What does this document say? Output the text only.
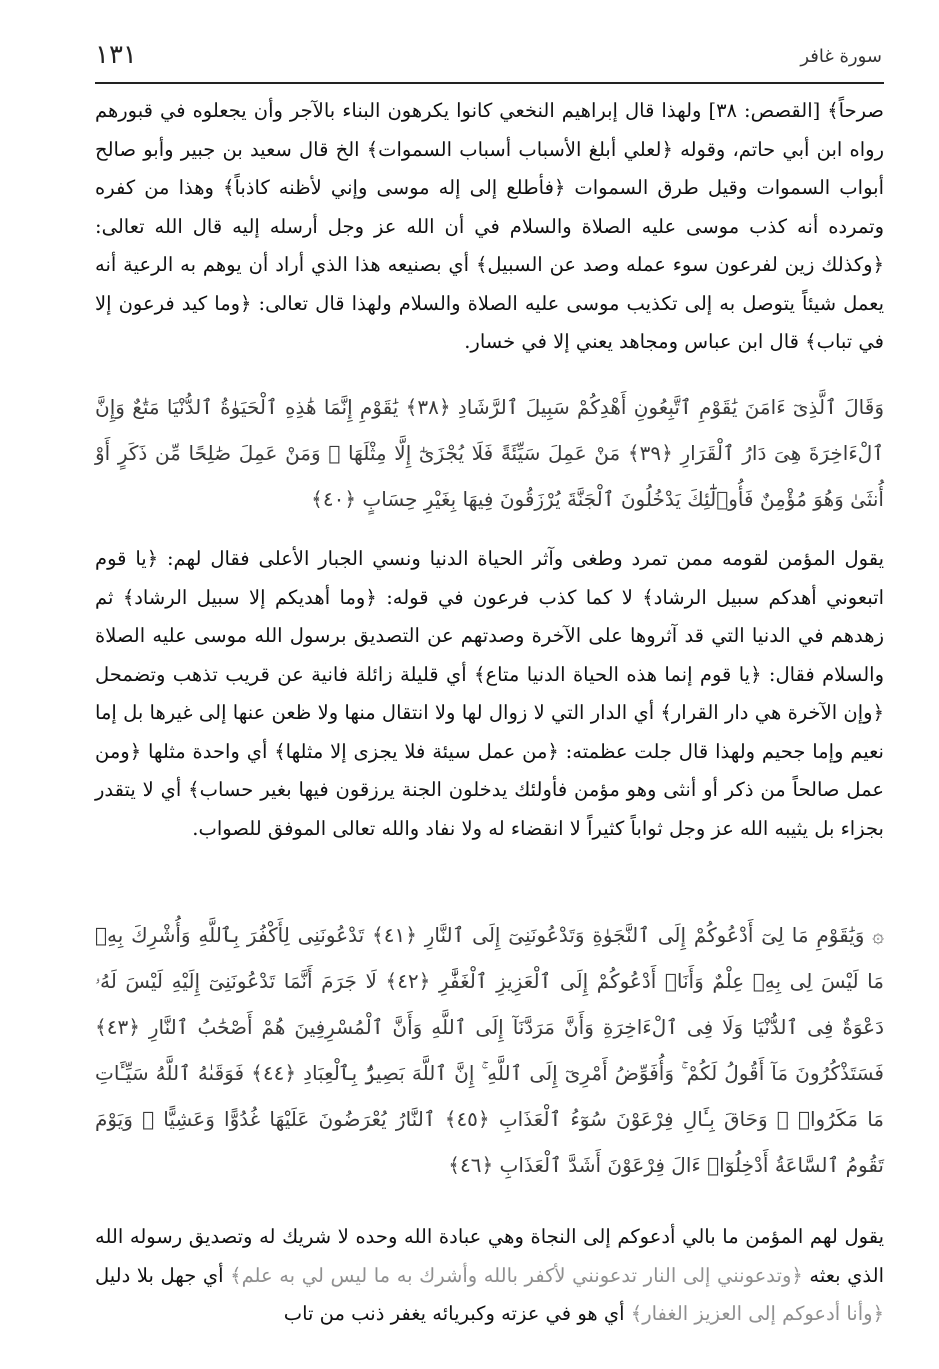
١٣١	سورة غافر

صرحاً﴾ [القصص: ٣٨] ولهذا قال إبراهيم النخعي كانوا يكرهون البناء بالآجر وأن يجعلوه في قبورهم رواه ابن أبي حاتم، وقوله ﴿لعلي أبلغ الأسباب أسباب السموات﴾ الخ قال سعيد بن جبير وأبو صالح أبواب السموات وقيل طرق السموات ﴿فأطلع إلى إله موسى وإني لأظنه كاذباً﴾ وهذا من كفره وتمرده أنه كذب موسى عليه الصلاة والسلام في أن الله عز وجل أرسله إليه قال الله تعالى: ﴿وكذلك زين لفرعون سوء عمله وصد عن السبيل﴾ أي بصنيعه هذا الذي أراد أن يوهم به الرعية أنه يعمل شيئاً يتوصل به إلى تكذيب موسى عليه الصلاة والسلام ولهذا قال تعالى: ﴿وما كيد فرعون إلا في تباب﴾ قال ابن عباس ومجاهد يعني إلا في خسار.

وَقَالَ ٱلَّذِىٓ ءَامَنَ يَٰقَوْمِ ٱتَّبِعُونِ أَهْدِكُمْ سَبِيلَ ٱلرَّشَادِ ﴿٣٨﴾ يَٰقَوْمِ إِنَّمَا هَٰذِهِ ٱلْحَيَوٰةُ ٱلدُّنْيَا مَتَٰعٌ وَإِنَّ ٱلْءَاخِرَةَ هِىَ دَارُ ٱلْقَرَارِ ﴿٣٩﴾ مَنْ عَمِلَ سَيِّئَةً فَلَا يُجْزَىٰٓ إِلَّا مِثْلَهَا ۖ وَمَنْ عَمِلَ صَٰلِحًا مِّن ذَكَرٍ أَوْ أُنثَىٰ وَهُوَ مُؤْمِنٌ فَأُو۟لَٰٓئِكَ يَدْخُلُونَ ٱلْجَنَّةَ يُرْزَقُونَ فِيهَا بِغَيْرِ حِسَابٍ ﴿٤٠﴾

يقول المؤمن لقومه ممن تمرد وطغى وآثر الحياة الدنيا ونسي الجبار الأعلى فقال لهم: ﴿يا قوم اتبعوني أهدكم سبيل الرشاد﴾ لا كما كذب فرعون في قوله: ﴿وما أهديكم إلا سبيل الرشاد﴾ ثم زهدهم في الدنيا التي قد آثروها على الآخرة وصدتهم عن التصديق برسول الله موسى عليه الصلاة والسلام فقال: ﴿يا قوم إنما هذه الحياة الدنيا متاع﴾ أي قليلة زائلة فانية عن قريب تذهب وتضمحل ﴿وإن الآخرة هي دار القرار﴾ أي الدار التي لا زوال لها ولا انتقال منها ولا ظعن عنها إلى غيرها بل إما نعيم وإما جحيم ولهذا قال جلت عظمته: ﴿من عمل سيئة فلا يجزى إلا مثلها﴾ أي واحدة مثلها ﴿ومن عمل صالحاً من ذكر أو أنثى وهو مؤمن فأولئك يدخلون الجنة يرزقون فيها بغير حساب﴾ أي لا يتقدر بجزاء بل يثيبه الله عز وجل ثواباً كثيراً لا انقضاء له ولا نفاد والله تعالى الموفق للصواب.

۞ وَيَٰقَوْمِ مَا لِىٓ أَدْعُوكُمْ إِلَى ٱلنَّجَوٰةِ وَتَدْعُونَنِىٓ إِلَى ٱلنَّارِ ﴿٤١﴾ تَدْعُونَنِى لِأَكْفُرَ بِٱللَّهِ وَأُشْرِكَ بِهِۦ مَا لَيْسَ لِى بِهِۦ عِلْمٌ وَأَنَا۠ أَدْعُوكُمْ إِلَى ٱلْعَزِيزِ ٱلْغَفَّٰرِ ﴿٤٢﴾ لَا جَرَمَ أَنَّمَا تَدْعُونَنِىٓ إِلَيْهِ لَيْسَ لَهُۥ دَعْوَةٌ فِى ٱلدُّنْيَا وَلَا فِى ٱلْءَاخِرَةِ وَأَنَّ مَرَدَّنَآ إِلَى ٱللَّهِ وَأَنَّ ٱلْمُسْرِفِينَ هُمْ أَصْحَٰبُ ٱلنَّارِ ﴿٤٣﴾ فَسَتَذْكُرُونَ مَآ أَقُولُ لَكُمْ ۚ وَأُفَوِّضُ أَمْرِىٓ إِلَى ٱللَّهِ ۚ إِنَّ ٱللَّهَ بَصِيرٌۢ بِٱلْعِبَادِ ﴿٤٤﴾ فَوَقَىٰهُ ٱللَّهُ سَيِّـَٔاتِ مَا مَكَرُوا۟ ۖ وَحَاقَ بِـَٔالِ فِرْعَوْنَ سُوٓءُ ٱلْعَذَابِ ﴿٤٥﴾ ٱلنَّارُ يُعْرَضُونَ عَلَيْهَا غُدُوًّا وَعَشِيًّا ۖ وَيَوْمَ تَقُومُ ٱلسَّاعَةُ أَدْخِلُوٓا۟ ءَالَ فِرْعَوْنَ أَشَدَّ ٱلْعَذَابِ ﴿٤٦﴾

يقول لهم المؤمن ما بالي أدعوكم إلى النجاة وهي عبادة الله وحده لا شريك له وتصديق رسوله الله الذي بعثه ﴿وتدعونني إلى النار تدعونني لأكفر بالله وأشرك به ما ليس لي به علم﴾ أي جهل بلا دليل ﴿وأنا أدعوكم إلى العزيز الغفار﴾ أي هو في عزته وكبريائه يغفر ذنب من تاب
